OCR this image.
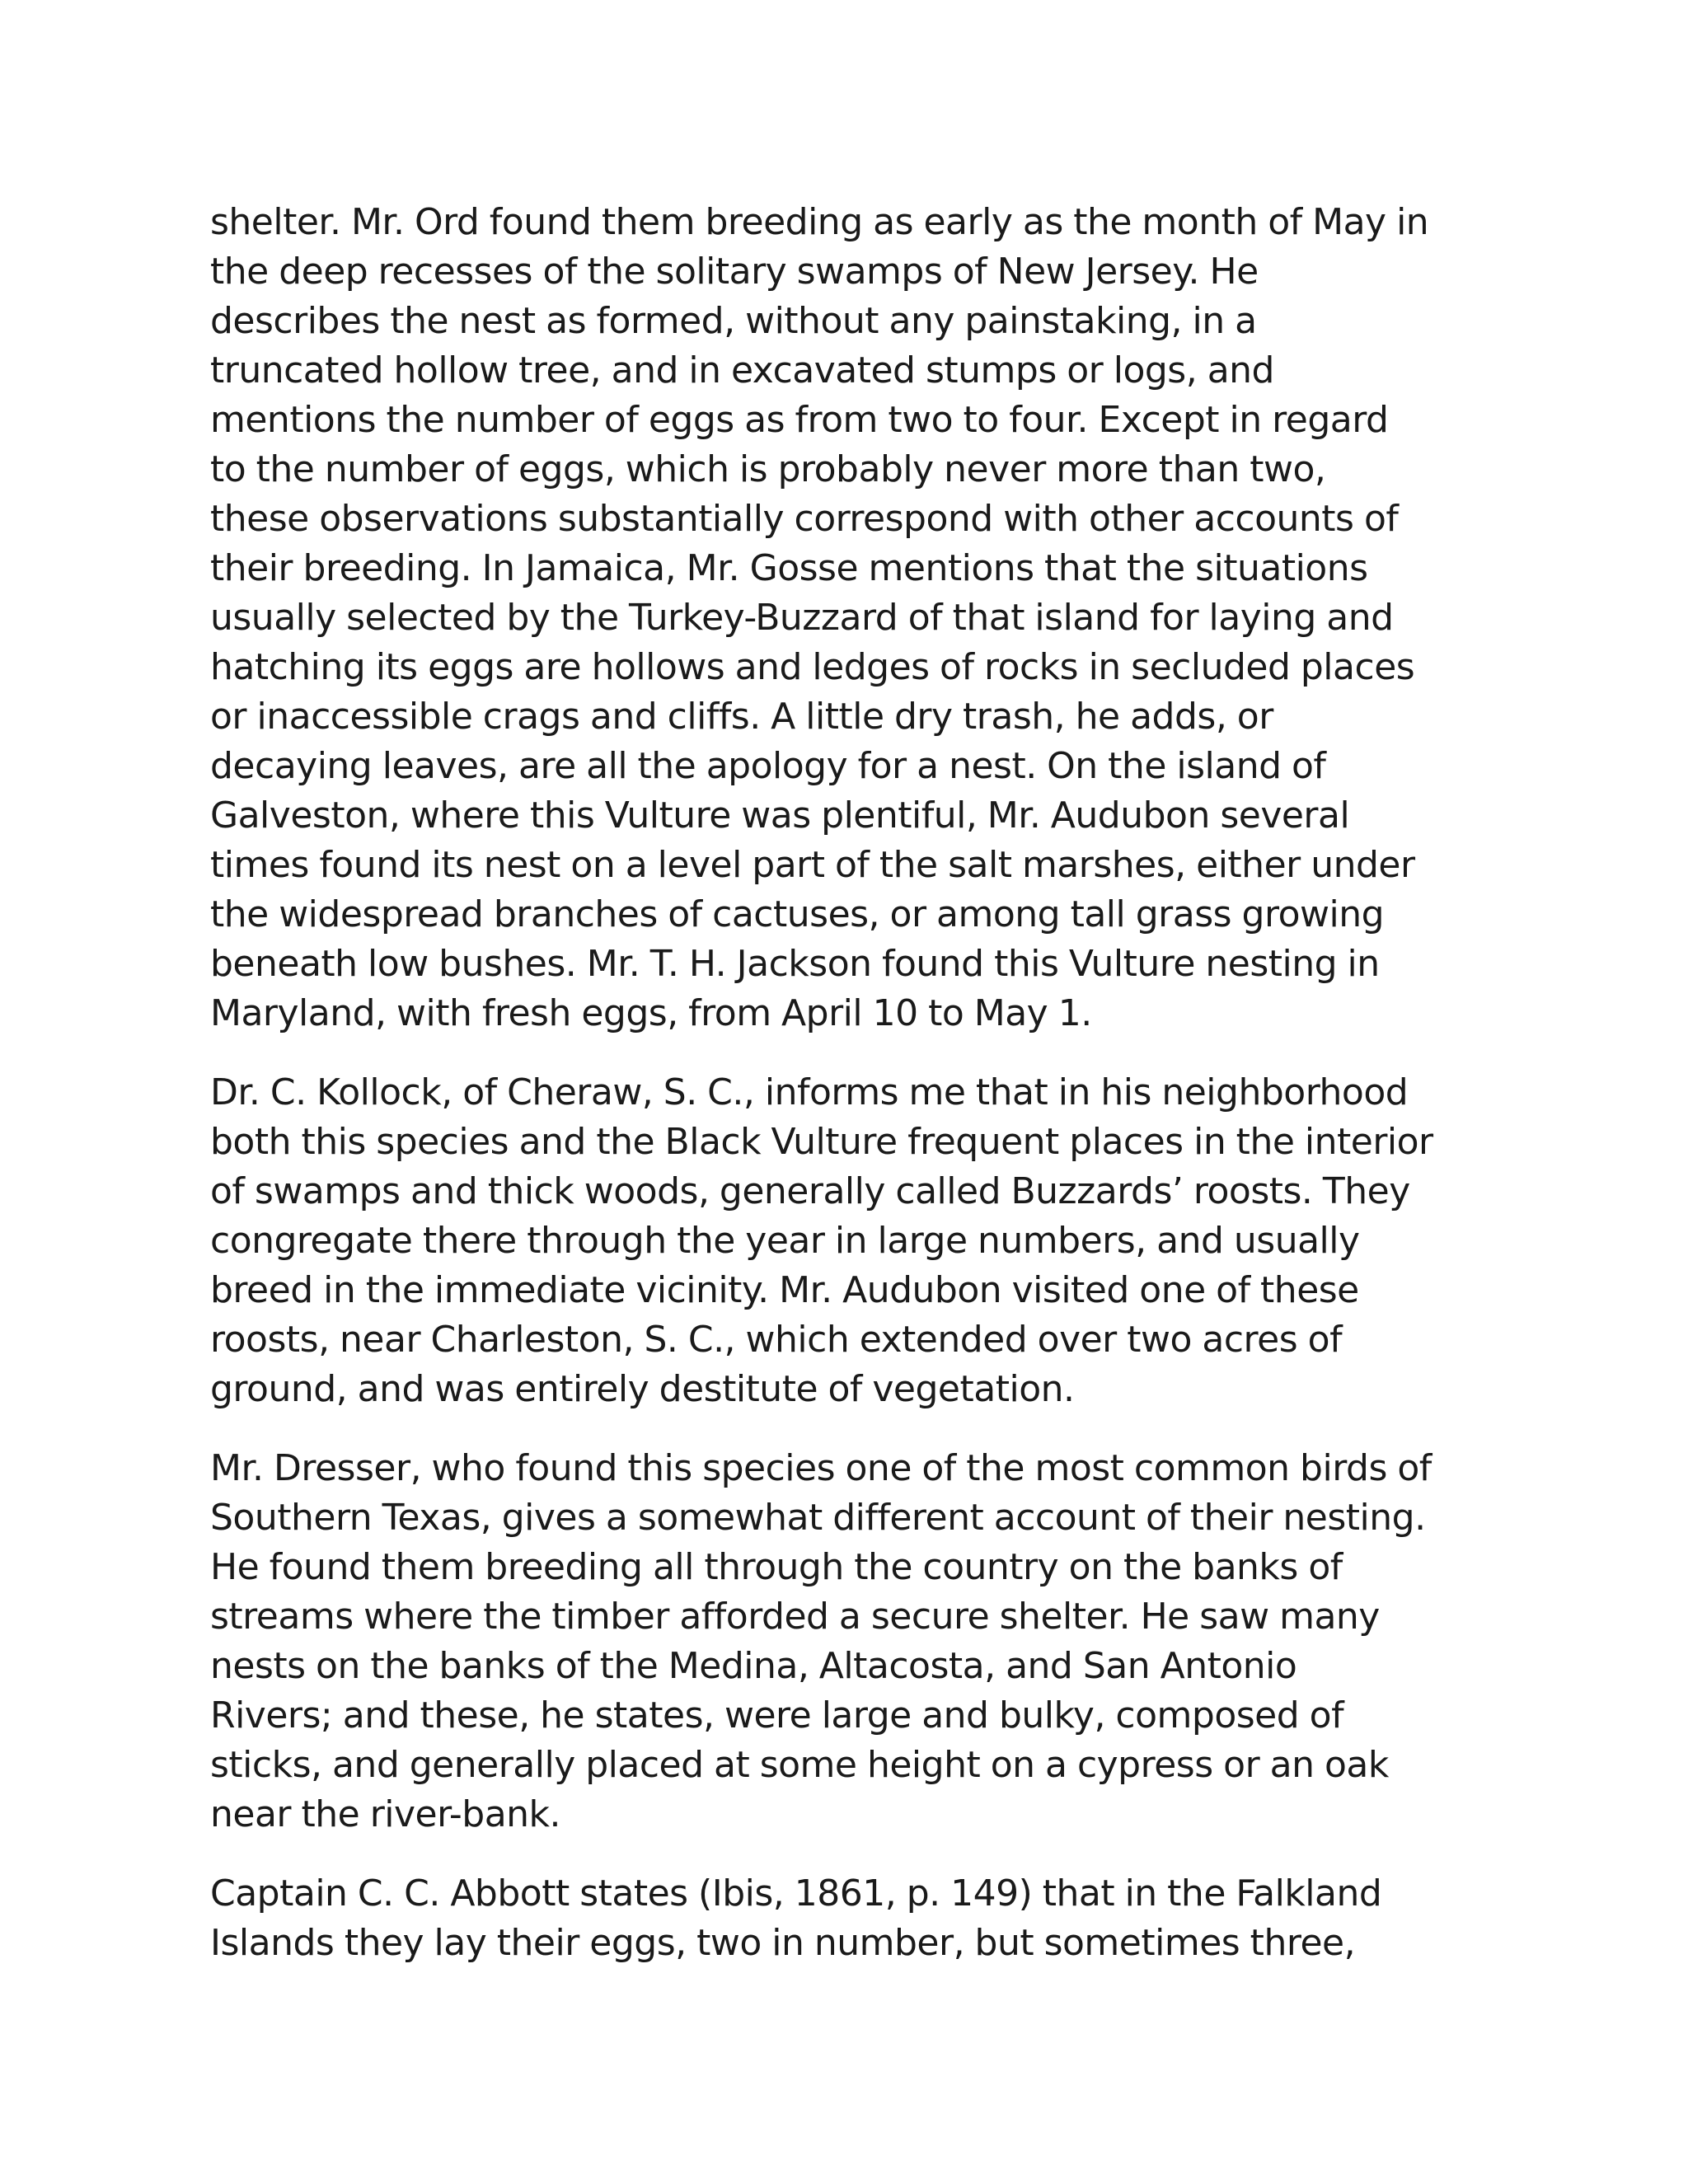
shelter. Mr. Ord found them breeding as early as the month of May in
the deep recesses of the solitary swamps of New Jersey. He
describes the nest as formed, without any painstaking, in a
truncated hollow tree, and in excavated stumps or logs, and
mentions the number of eggs as from two to four. Except in regard
to the number of eggs, which is probably never more than two,
these observations substantially correspond with other accounts of
their breeding. In Jamaica, Mr. Gosse mentions that the situations
usually selected by the Turkey-Buzzard of that island for laying and
hatching its eggs are hollows and ledges of rocks in secluded places
or inaccessible crags and cliffs. A little dry trash, he adds, or
decaying leaves, are all the apology for a nest. On the island of
Galveston, where this Vulture was plentiful, Mr. Audubon several
times found its nest on a level part of the salt marshes, either under
the widespread branches of cactuses, or among tall grass growing
beneath low bushes. Mr. T. H. Jackson found this Vulture nesting in
Maryland, with fresh eggs, from April 10 to May 1.

Dr. C. Kollock, of Cheraw, S. C., informs me that in his neighborhood
both this species and the Black Vulture frequent places in the interior
of swamps and thick woods, generally called Buzzards’ roosts. They
congregate there through the year in large numbers, and usually
breed in the immediate vicinity. Mr. Audubon visited one of these
roosts, near Charleston, S. C., which extended over two acres of
ground, and was entirely destitute of vegetation.

Mr. Dresser, who found this species one of the most common birds of
Southern Texas, gives a somewhat different account of their nesting.
He found them breeding all through the country on the banks of
streams where the timber afforded a secure shelter. He saw many
nests on the banks of the Medina, Altacosta, and San Antonio
Rivers; and these, he states, were large and bulky, composed of
sticks, and generally placed at some height on a cypress or an oak
near the river-bank.

Captain C. C. Abbott states (Ibis, 1861, p. 149) that in the Falkland
Islands they lay their eggs, two in number, but sometimes three,
